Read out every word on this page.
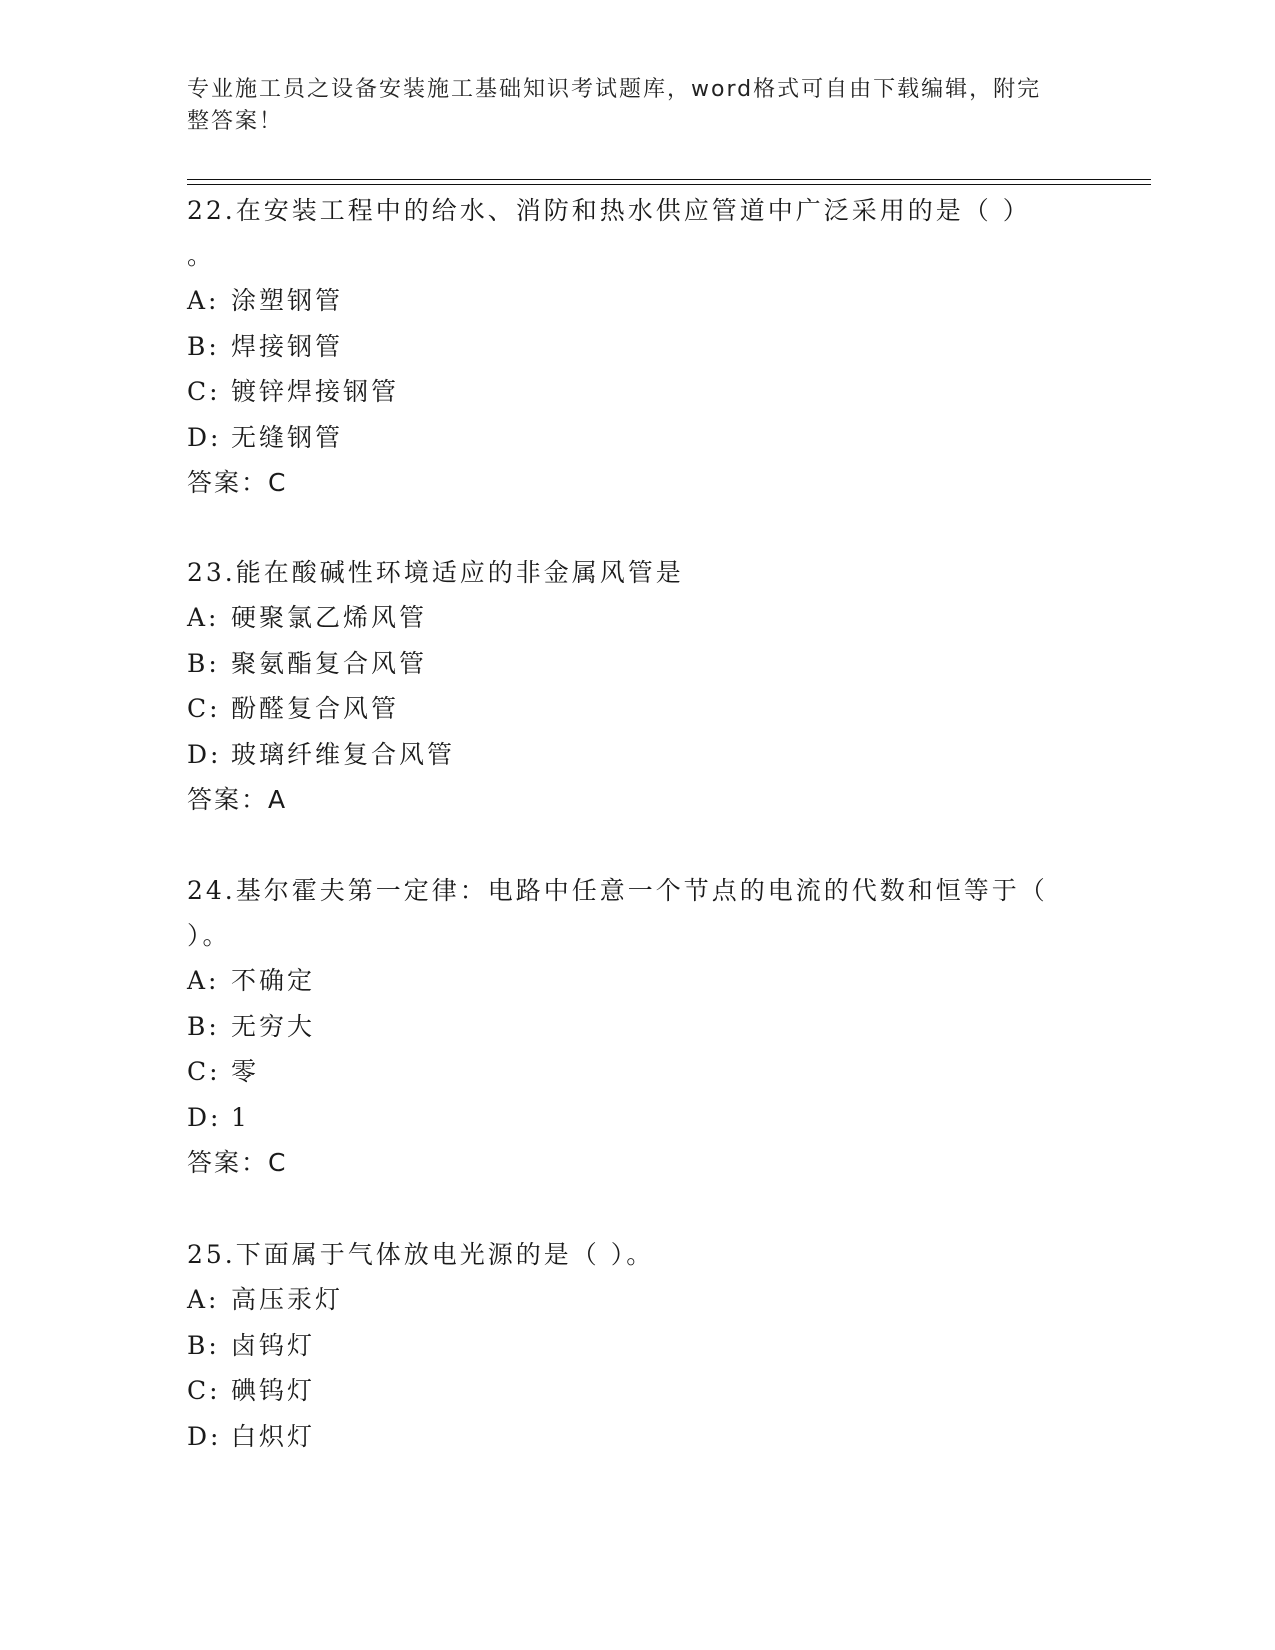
专业施工员之设备安装施工基础知识考试题库，word格式可自由下载编辑，附完
整答案！
22.在安装工程中的给水、消防和热水供应管道中广泛采用的是（ ）
。
A: 涂塑钢管
B: 焊接钢管
C: 镀锌焊接钢管
D: 无缝钢管
答案：C
23.能在酸碱性环境适应的非金属风管是
A: 硬聚氯乙烯风管
B: 聚氨酯复合风管
C: 酚醛复合风管
D: 玻璃纤维复合风管
答案：A
24.基尔霍夫第一定律：电路中任意一个节点的电流的代数和恒等于（
）。
A: 不确定
B: 无穷大
C: 零
D: 1
答案：C
25.下面属于气体放电光源的是（ ）。
A: 高压汞灯
B: 卤钨灯
C: 碘钨灯
D: 白炽灯
